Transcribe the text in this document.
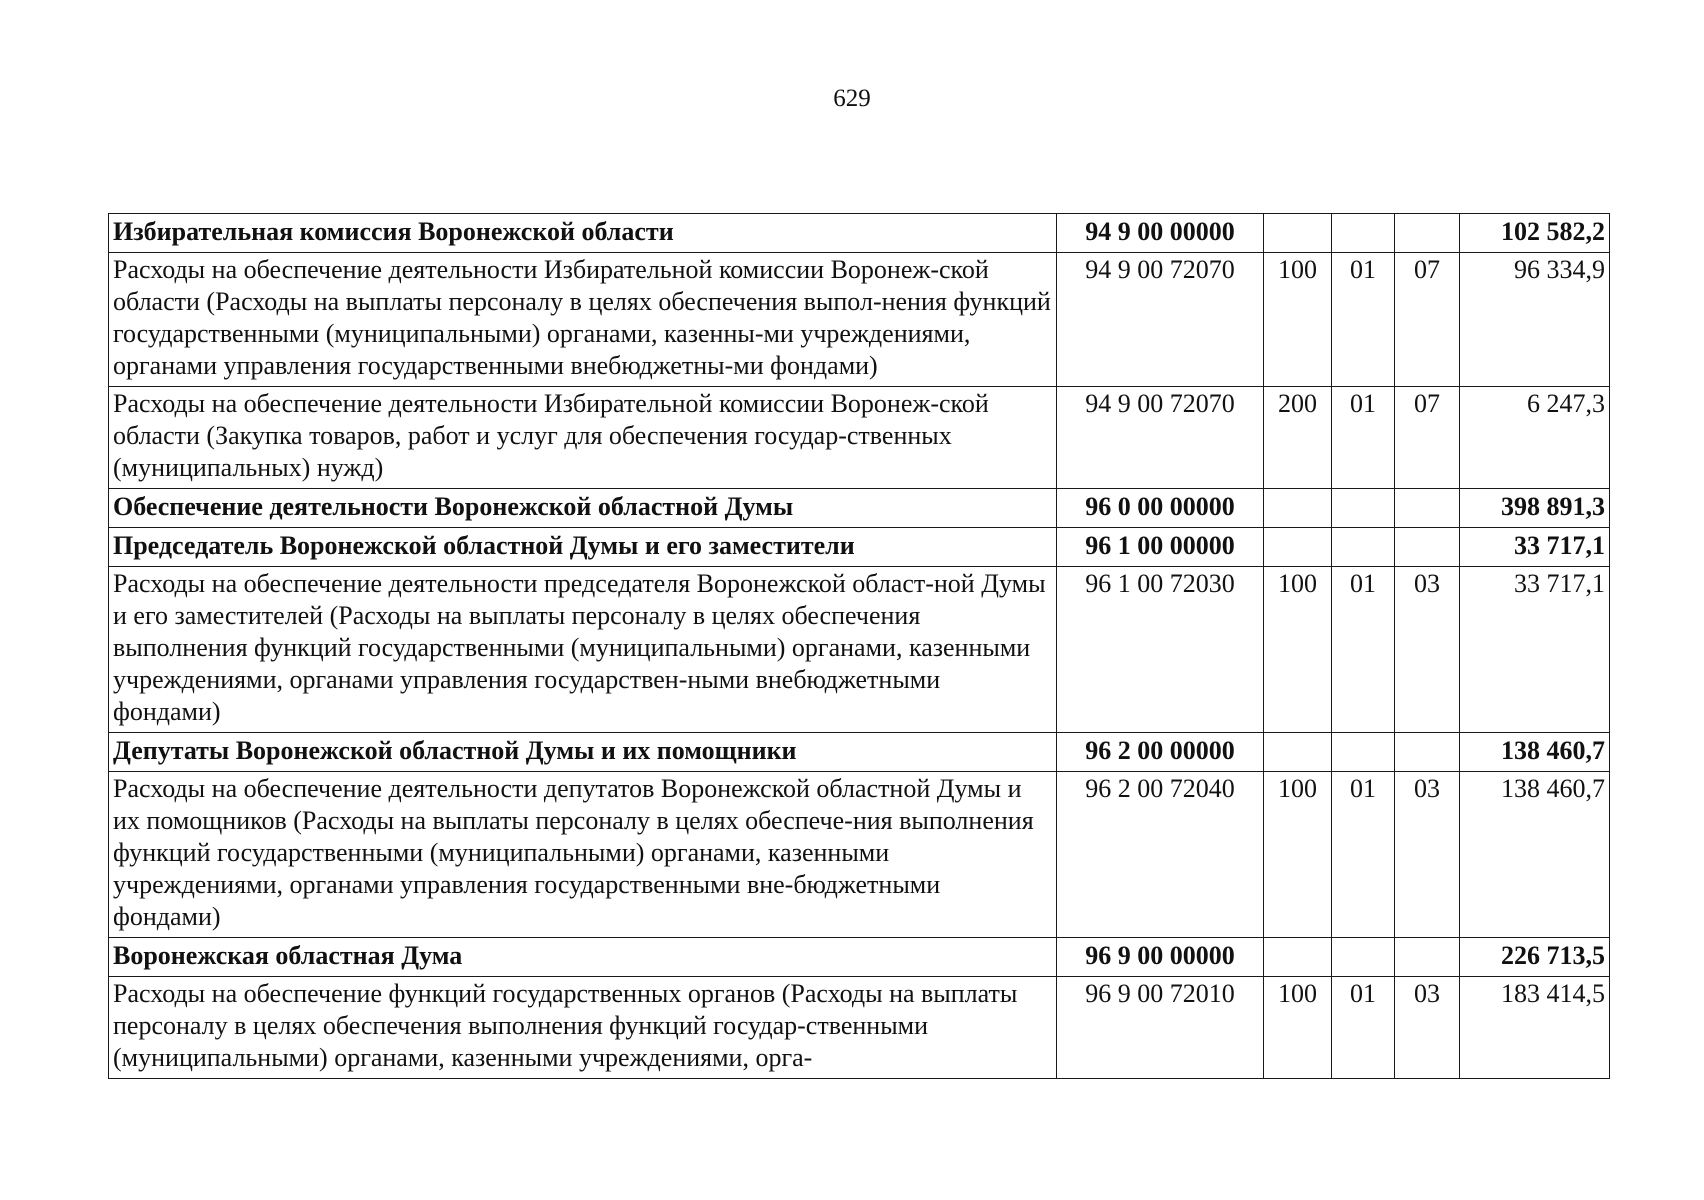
629
Избирательная комиссия Воронежской области	94 9 00 00000				102 582,2
Расходы на обеспечение деятельности Избирательной комиссии Воронеж-ской области (Расходы на выплаты персоналу в целях обеспечения выпол-нения функций государственными (муниципальными) органами, казенны-ми учреждениями, органами управления государственными внебюджетны-ми фондами)	94 9 00 72070	100	01	07	96 334,9
Расходы на обеспечение деятельности Избирательной комиссии Воронеж-ской области (Закупка товаров, работ и услуг для обеспечения государ-ственных (муниципальных) нужд)	94 9 00 72070	200	01	07	6 247,3
Обеспечение деятельности Воронежской областной Думы	96 0 00 00000				398 891,3
Председатель Воронежской областной Думы и его заместители	96 1 00 00000				33 717,1
Расходы на обеспечение деятельности председателя Воронежской област-ной Думы и его заместителей (Расходы на выплаты персоналу в целях обеспечения выполнения функций государственными (муниципальными) органами, казенными учреждениями, органами управления государствен-ными внебюджетными фондами)	96 1 00 72030	100	01	03	33 717,1
Депутаты Воронежской областной Думы и их помощники	96 2 00 00000				138 460,7
Расходы на обеспечение деятельности депутатов Воронежской областной Думы и их помощников (Расходы на выплаты персоналу в целях обеспече-ния выполнения функций государственными (муниципальными) органами, казенными учреждениями, органами управления государственными вне-бюджетными фондами)	96 2 00 72040	100	01	03	138 460,7
Воронежская областная Дума	96 9 00 00000				226 713,5
Расходы на обеспечение функций государственных органов (Расходы на выплаты персоналу в целях обеспечения выполнения функций государ-ственными (муниципальными) органами, казенными учреждениями, орга-	96 9 00 72010	100	01	03	183 414,5
